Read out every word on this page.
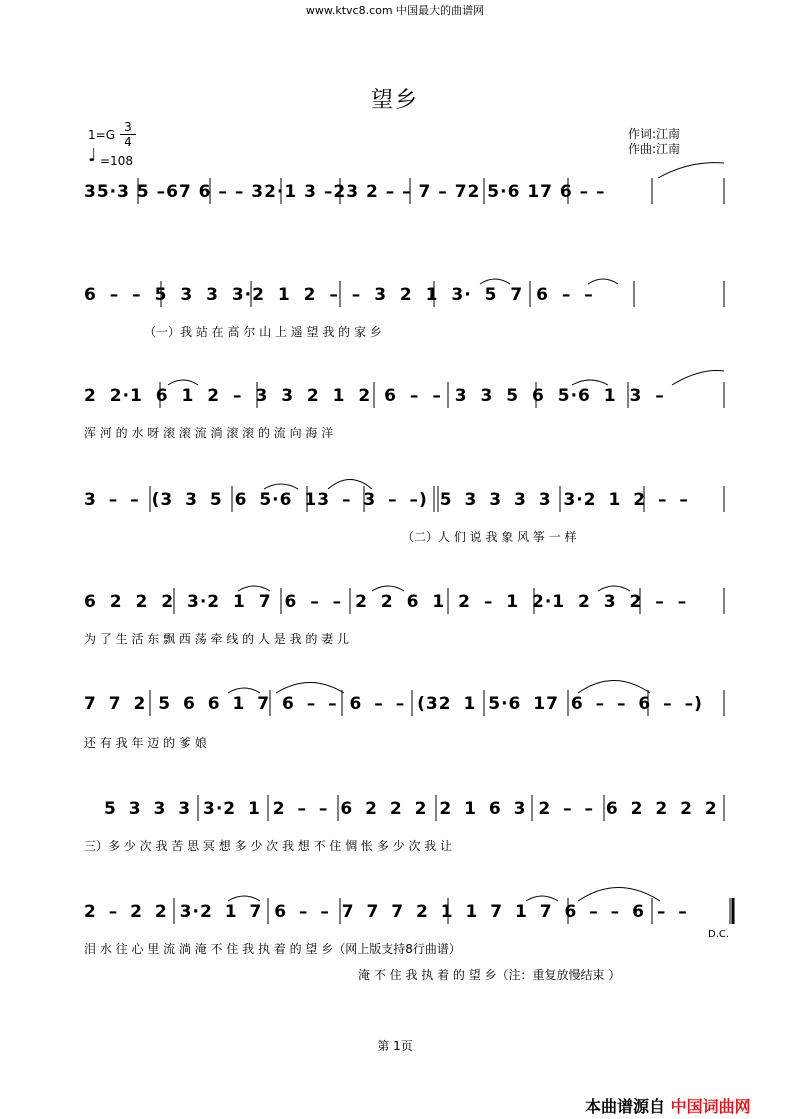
www.ktvc8.com 中国最大的曲谱网
望乡
1=G
3
4
♩ =108
作词:江南
作曲:江南
35·3 5 –67 6 – – 32·1 3 –23 2 – – 7 – 72 5·6 17 6 – –
6 – – 5 3 3 3·2 1 2 – – 3 2 1 3· 5 7 6 – –
（一）我 站 在 高 尔 山 上 遥 望 我 的 家 乡
2 2·1 6 1 2 – 3 3 2 1 2 6 – – 3 3 5 6 5·6 1 3 –
浑 河 的 水 呀 滚 滚 流 淌 滚 滚 的 流 向 海 洋
3 – – (3 3 5 6 5·6 13 – 3 – –) 5 3 3 3 3 3·2 1 2 – –
（二）人 们 说 我 象 风 筝 一 样
6 2 2 2 3·2 1 7 6 – – 2 2 6 1 2 – 1 2·1 2 3 2 – –
为 了 生 活 东 飘 西 荡 牵 线 的 人 是 我 的 妻 儿
7 7 2 5 6 6 1 7 6 – – 6 – – (32 1 5·6 17 6 – – 6 – –)
还 有 我 年 迈 的 爹 娘
5 3 3 3 3·2 1 2 – – 6 2 2 2 2 1 6 3 2 – – 6 2 2 2 2
三）多 少 次 我 苦 思 冥 想 多 少 次 我 想 不 住 惆 怅 多 少 次 我 让
2 – 2 2 3·2 1 7 6 – – 7 7 7 2 1 1 7 1 7 6 – – 6 – –
泪 水 往 心 里 流 淌 淹 不 住 我 执 着 的 望 乡（网上版支持8行曲谱）
淹 不 住 我 执 着 的 望 乡（注：重复放慢结束 ）
D.C.
第 1页
本曲谱源自 中国词曲网
